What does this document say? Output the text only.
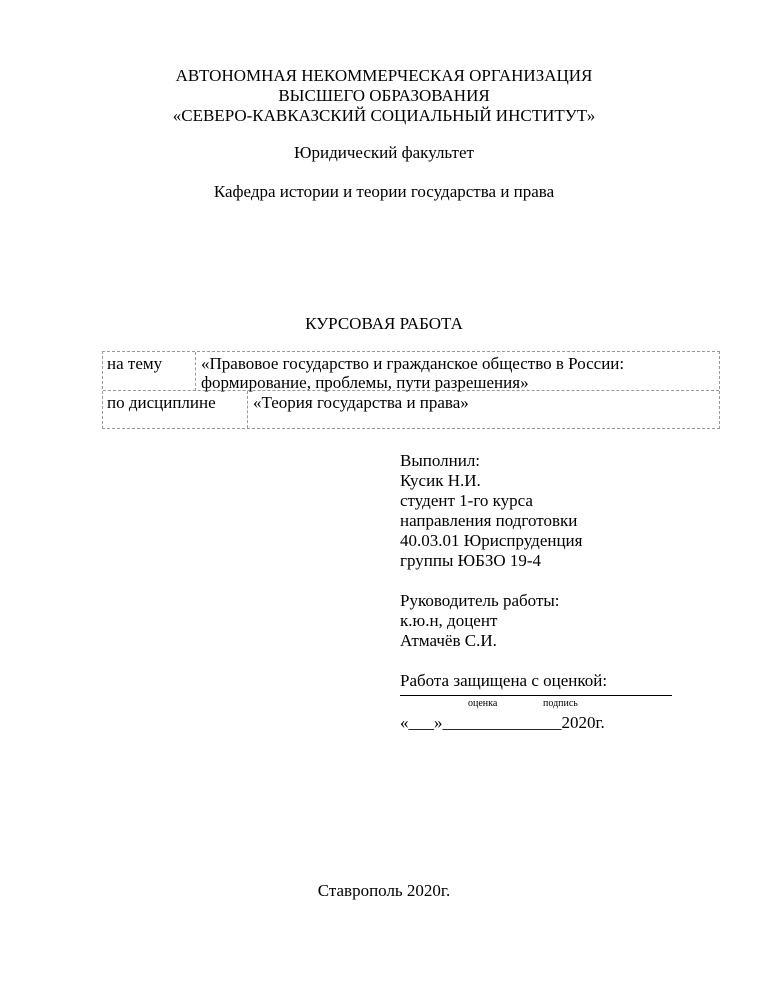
АВТОНОМНАЯ НЕКОММЕРЧЕСКАЯ ОРГАНИЗАЦИЯ
ВЫСШЕГО ОБРАЗОВАНИЯ
«СЕВЕРО-КАВКАЗСКИЙ СОЦИАЛЬНЫЙ ИНСТИТУТ»
Юридический факультет
Кафедра истории и теории государства и права
КУРСОВАЯ РАБОТА
на тему «Правовое государство и гражданское общество в России:
формирование, проблемы, пути разрешения»
по дисциплине «Теория государства и права»
Выполнил:
Кусик Н.И.
студент 1-го курса
направления подготовки
40.03.01 Юриспруденция
группы ЮБЗО 19-4
Руководитель работы:
к.ю.н, доцент
Атмачёв С.И.
Работа защищена с оценкой:
оценка	подпись
«___»______________2020г.
Ставрополь 2020г.
